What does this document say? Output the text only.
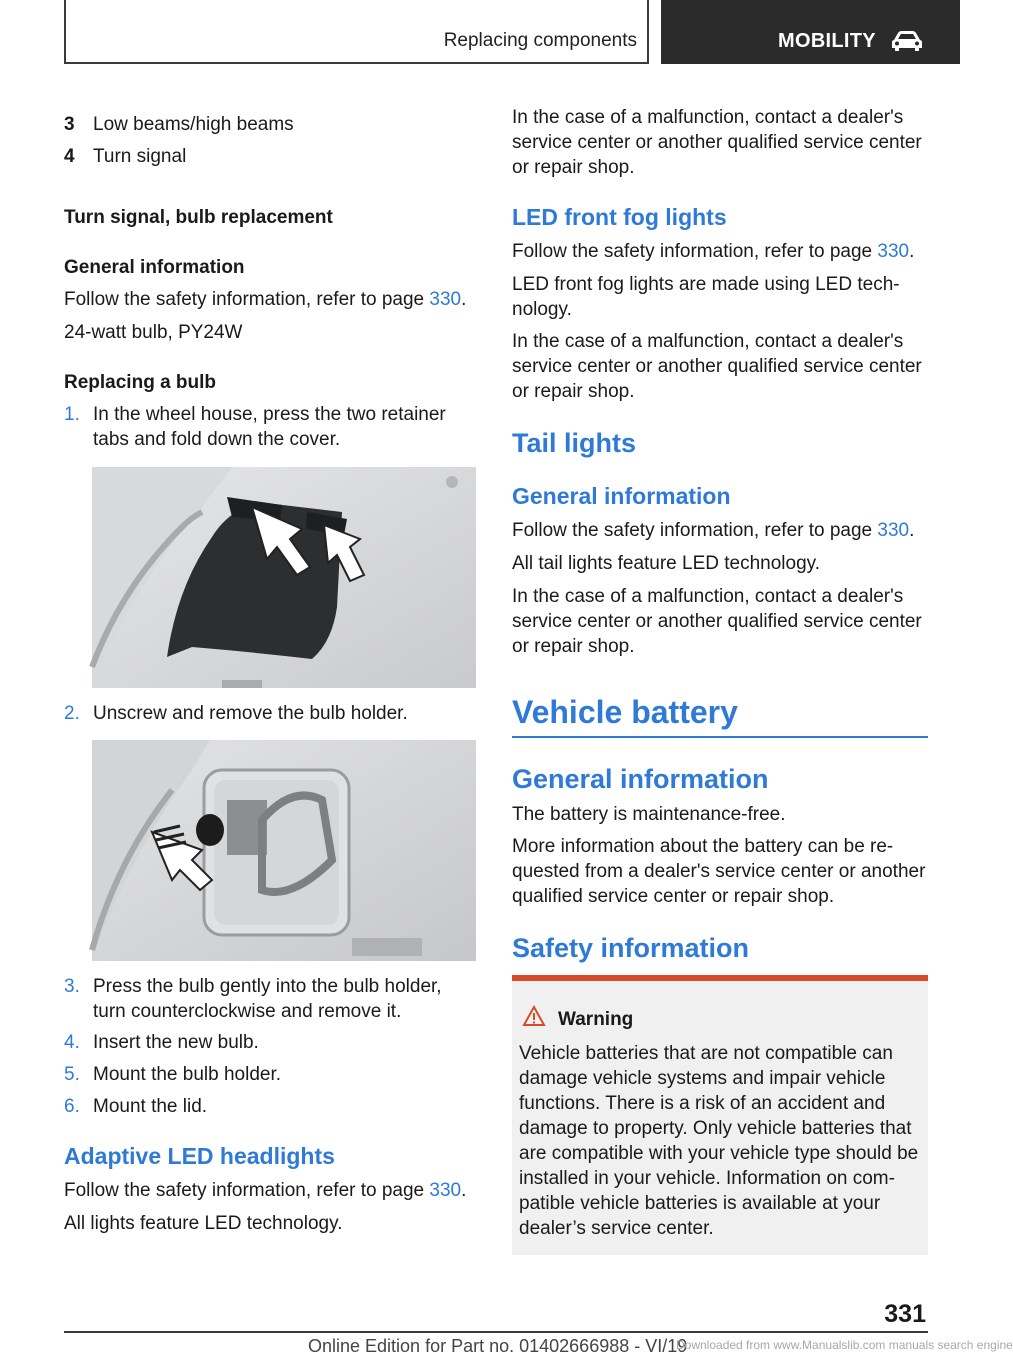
Replacing components	MOBILITY
3 Low beams/high beams
4 Turn signal
Turn signal, bulb replacement
General information
Follow the safety information, refer to page 330.
24-watt bulb, PY24W
Replacing a bulb
1. In the wheel house, press the two retainer
tabs and fold down the cover.
2. Unscrew and remove the bulb holder.
3. Press the bulb gently into the bulb holder,
turn counterclockwise and remove it.
4. Insert the new bulb.
5. Mount the bulb holder.
6. Mount the lid.
Adaptive LED headlights
Follow the safety information, refer to page 330.
All lights feature LED technology.
In the case of a malfunction, contact a dealer's
service center or another qualified service center
or repair shop.
LED front fog lights
Follow the safety information, refer to page 330.
LED front fog lights are made using LED tech-
nology.
In the case of a malfunction, contact a dealer's
service center or another qualified service center
or repair shop.
Tail lights
General information
Follow the safety information, refer to page 330.
All tail lights feature LED technology.
In the case of a malfunction, contact a dealer's
service center or another qualified service center
or repair shop.
Vehicle battery
General information
The battery is maintenance-free.
More information about the battery can be re-
quested from a dealer's service center or another
qualified service center or repair shop.
Safety information
Warning
Vehicle batteries that are not compatible can
damage vehicle systems and impair vehicle
functions. There is a risk of an accident and
damage to property. Only vehicle batteries that
are compatible with your vehicle type should be
installed in your vehicle. Information on com-
patible vehicle batteries is available at your
dealer’s service center.
331
Online Edition for Part no. 01402666988 - VI/19
Downloaded from www.Manualslib.com manuals search engine
